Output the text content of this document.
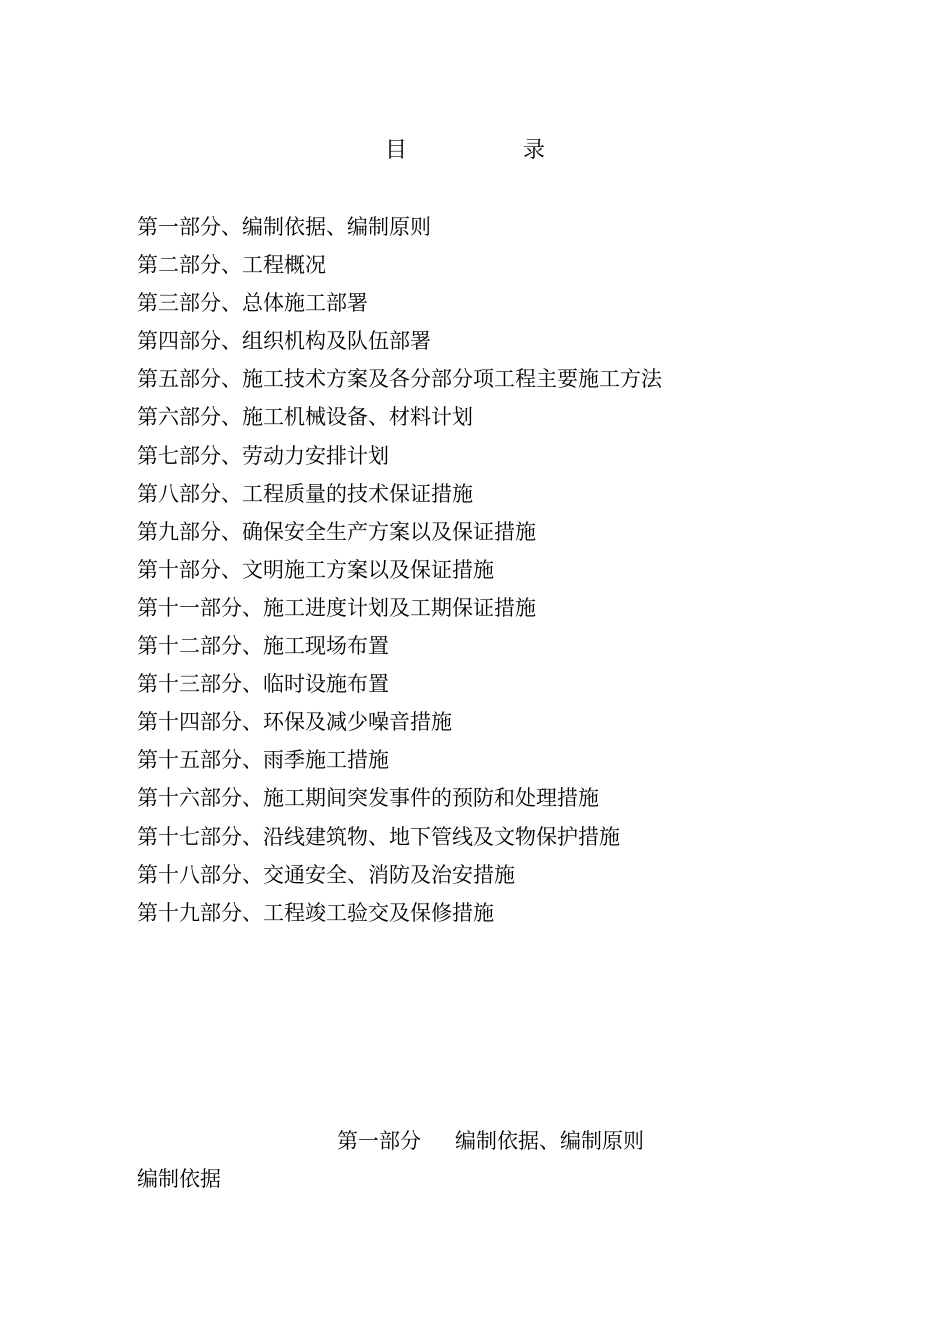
目	录
第一部分、编制依据、编制原则
第二部分、工程概况
第三部分、总体施工部署
第四部分、组织机构及队伍部署
第五部分、施工技术方案及各分部分项工程主要施工方法
第六部分、施工机械设备、材料计划
第七部分、劳动力安排计划
第八部分、工程质量的技术保证措施
第九部分、确保安全生产方案以及保证措施
第十部分、文明施工方案以及保证措施
第十一部分、施工进度计划及工期保证措施
第十二部分、施工现场布置
第十三部分、临时设施布置
第十四部分、环保及减少噪音措施
第十五部分、雨季施工措施
第十六部分、施工期间突发事件的预防和处理措施
第十七部分、沿线建筑物、地下管线及文物保护措施
第十八部分、交通安全、消防及治安措施
第十九部分、工程竣工验交及保修措施
第一部分 编制依据、编制原则
编制依据
